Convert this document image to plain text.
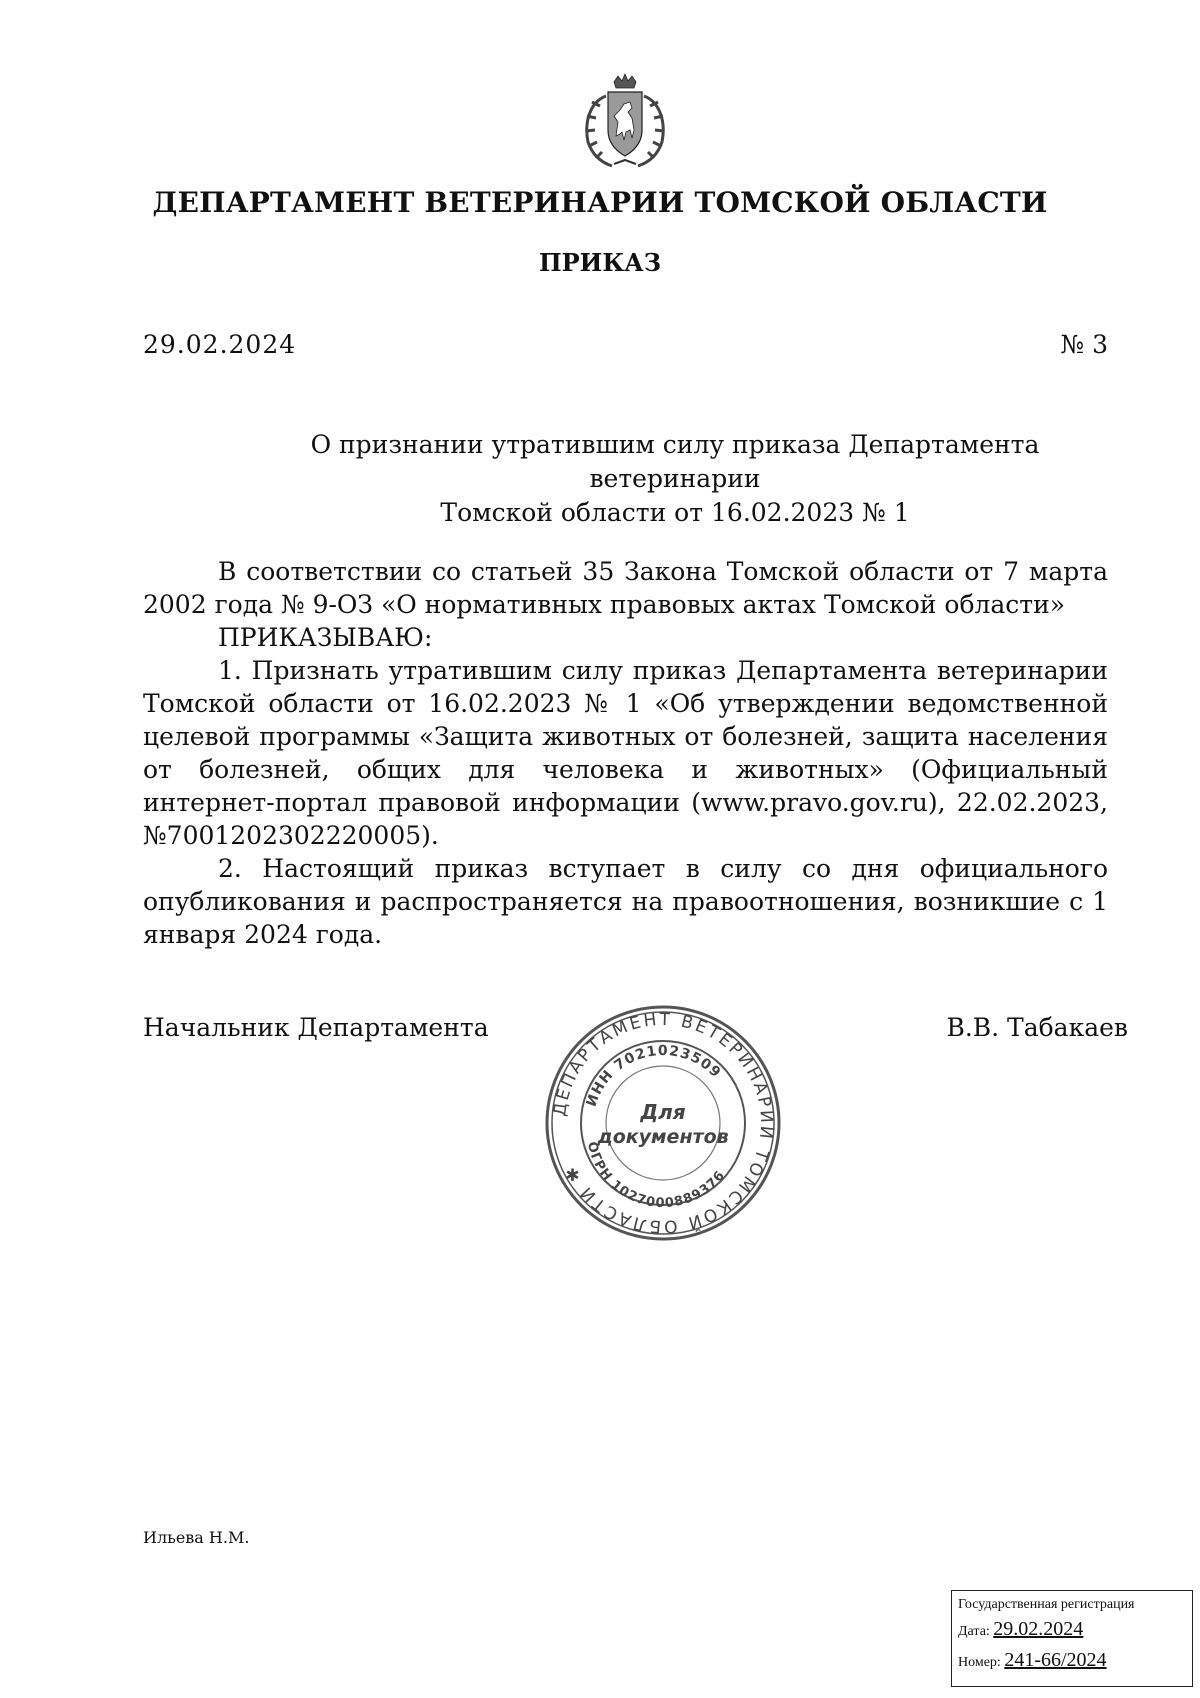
ДЕПАРТАМЕНТ ВЕТЕРИНАРИИ ТОМСКОЙ ОБЛАСТИ
ПРИКАЗ
29.02.2024	№ 3
О признании утратившим силу приказа Департамента ветеринарии
Томской области от 16.02.2023 № 1

В соответствии со статьей 35 Закона Томской области от 7 марта 2002 года № 9-ОЗ «О нормативных правовых актах Томской области»

ПРИКАЗЫВАЮ:

1. Признать утратившим силу приказ Департамента ветеринарии Томской области от 16.02.2023 № 1 «Об утверждении ведомственной целевой программы «Защита животных от болезней, защита населения от болезней, общих для человека и животных» (Официальный интернет-портал правовой информации (www.pravo.gov.ru), 22.02.2023, №7001202302220005).

2. Настоящий приказ вступает в силу со дня официального опубликования и распространяется на правоотношения, возникшие с 1 января 2024 года.

Начальник Департамента	В.В. Табакаев
ДЕПАРТАМЕНТ ВЕТЕРИНАРИИ ТОМСКОЙ ОБЛАСТИ ✱
ИНН 7021023509
ОГРН 1027000889376
Для
документов
Ильева Н.М.
Государственная регистрация
Дата: 29.02.2024
Номер: 241-66/2024
